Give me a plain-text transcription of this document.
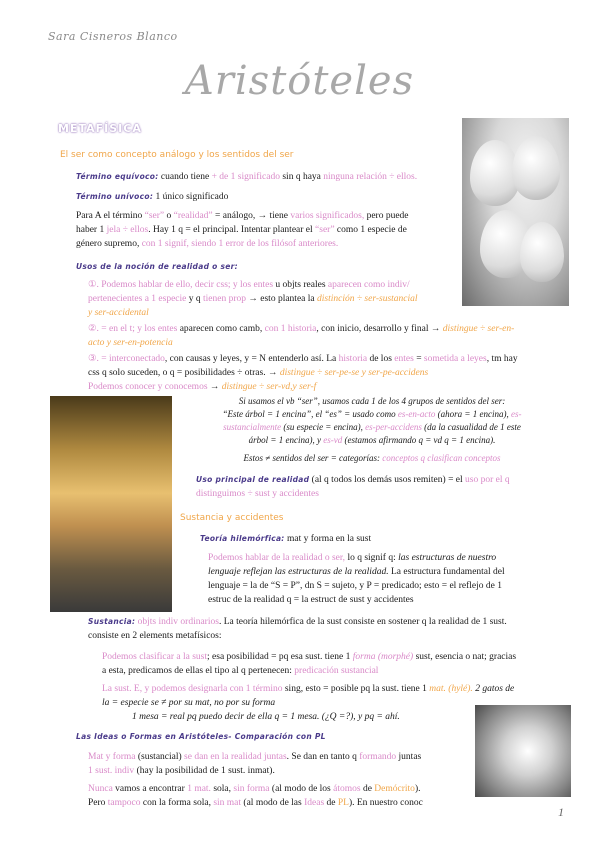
Sara Cisneros Blanco
Aristóteles
METAFÍSICA
El ser como concepto análogo y los sentidos del ser
Término equívoco: cuando tiene + de 1 significado sin q haya ninguna relación ÷ ellos.
Término unívoco: 1 único significado
Para A el término “ser” o “realidad” = análogo, → tiene varios significados, pero puede
haber 1 jela ÷ ellos. Hay 1 q = el principal. Intentar plantear el “ser” como 1 especie de
género supremo, con 1 signif, siendo 1 error de los filósof anteriores.
Usos de la noción de realidad o ser:
①. Podemos hablar de ello, decir css; y los entes u objts reales aparecen como indiv/
pertenecientes a 1 especie y q tienen prop → esto plantea la distinción ÷ ser-sustancial
y ser-accidental
②. = en el t; y los entes aparecen como camb, con 1 historia, con inicio, desarrollo y final → distingue ÷ ser-en-
acto y ser-en-potencia
③. = interconectado, con causas y leyes, y = N entenderlo así. La historia de los entes = sometida a leyes, tm hay
css q solo suceden, o q = posibilidades ÷ otras. → distingue ÷ ser-pe-se y ser-pe-accidens
Podemos conocer y conocemos → distingue ÷ ser-vd,y ser-f
Si usamos el vb “ser”, usamos cada 1 de los 4 grupos de sentidos del ser:
“Este árbol = 1 encina”, el “es” = usado como es-en-acto (ahora = 1 encina), es-
sustancialmente (su especie = encina), es-per-accidens (da la casualidad de 1 este
árbol = 1 encina), y es-vd (estamos afirmando q = vd q = 1 encina).
Estos ≠ sentidos del ser = categorías: conceptos q clasifican conceptos
Uso principal de realidad (al q todos los demás usos remiten) = el uso por el q
distinguimos ÷ sust y accidentes
Sustancia y accidentes
Teoría hilemórfica: mat y forma en la sust
Podemos hablar de la realidad o ser, lo q signif q: las estructuras de nuestro
lenguaje reflejan las estructuras de la realidad. La estructura fundamental del
lenguaje = la de “S = P”, dn S = sujeto, y P = predicado; esto = el reflejo de 1
estruc de la realidad q = la estruct de sust y accidentes
Sustancia: objts indiv ordinarios. La teoría hilemórfica de la sust consiste en sostener q la realidad de 1 sust.
consiste en 2 elements metafísicos:
Podemos clasificar a la sust; esa posibilidad = pq esa sust. tiene 1 forma (morphé) sust, esencia o nat; gracias
a esta, predicamos de ellas el tipo al q pertenecen: predicación sustancial
La sust. E, y podemos designarla con 1 término sing, esto = posible pq la sust. tiene 1 mat. (hylé). 2 gatos de
la = especie se ≠ por su mat, no por su forma
1 mesa = real pq puedo decir de ella q = 1 mesa. (¿Q =?), y pq = ahí.
Las Ideas o Formas en Aristóteles- Comparación con PL
Mat y forma (sustancial) se dan en la realidad juntas. Se dan en tanto q formando juntas
1 sust. indiv (hay la posibilidad de 1 sust. inmat).
Nunca vamos a encontrar 1 mat. sola, sin forma (al modo de los átomos de Demócrito).
Pero tampoco con la forma sola, sin mat (al modo de las Ideas de PL). En nuestro conoc
1
